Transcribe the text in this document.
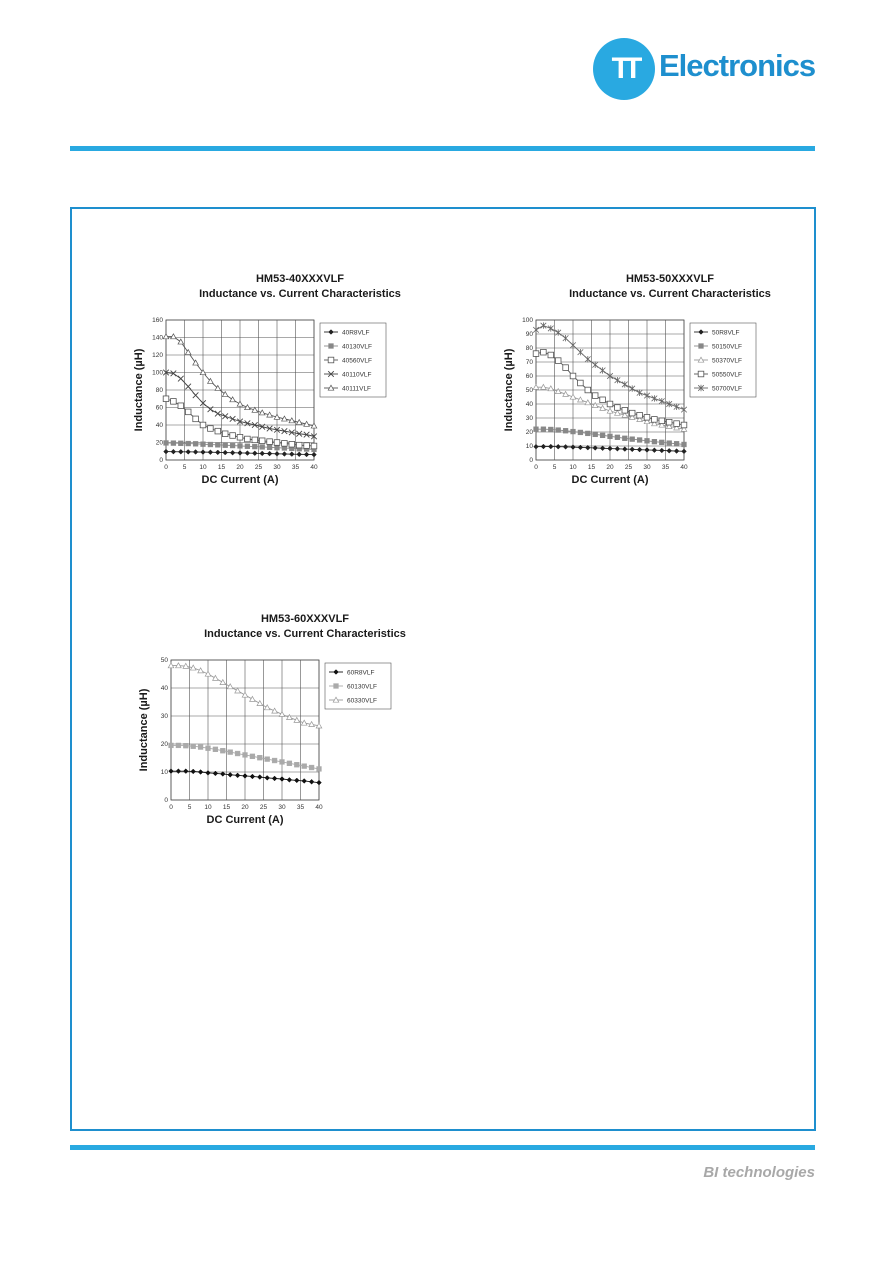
TT Electronics
HM53-40XXXVLF
Inductance vs. Current Characteristics
0
20
40
60
80
100
120
140
160
0 5 10 15 20 25 30 35 40
DC Current (A)
Inductance (µH)
40R8VLF
40130VLF
40560VLF
40110VLF
40111VLF
HM53-50XXXVLF
Inductance vs. Current Characteristics
0
10
20
30
40
50
60
70
80
90
100
0 5 10 15 20 25 30 35 40
DC Current (A)
Inductance (µH)
50R8VLF
50150VLF
50370VLF
50550VLF
50700VLF
HM53-60XXXVLF
Inductance vs. Current Characteristics
0
10
20
30
40
50
0 5 10 15 20 25 30 35 40
DC Current (A)
Inductance (µH)
60R8VLF
60130VLF
60330VLF
BI technologies
